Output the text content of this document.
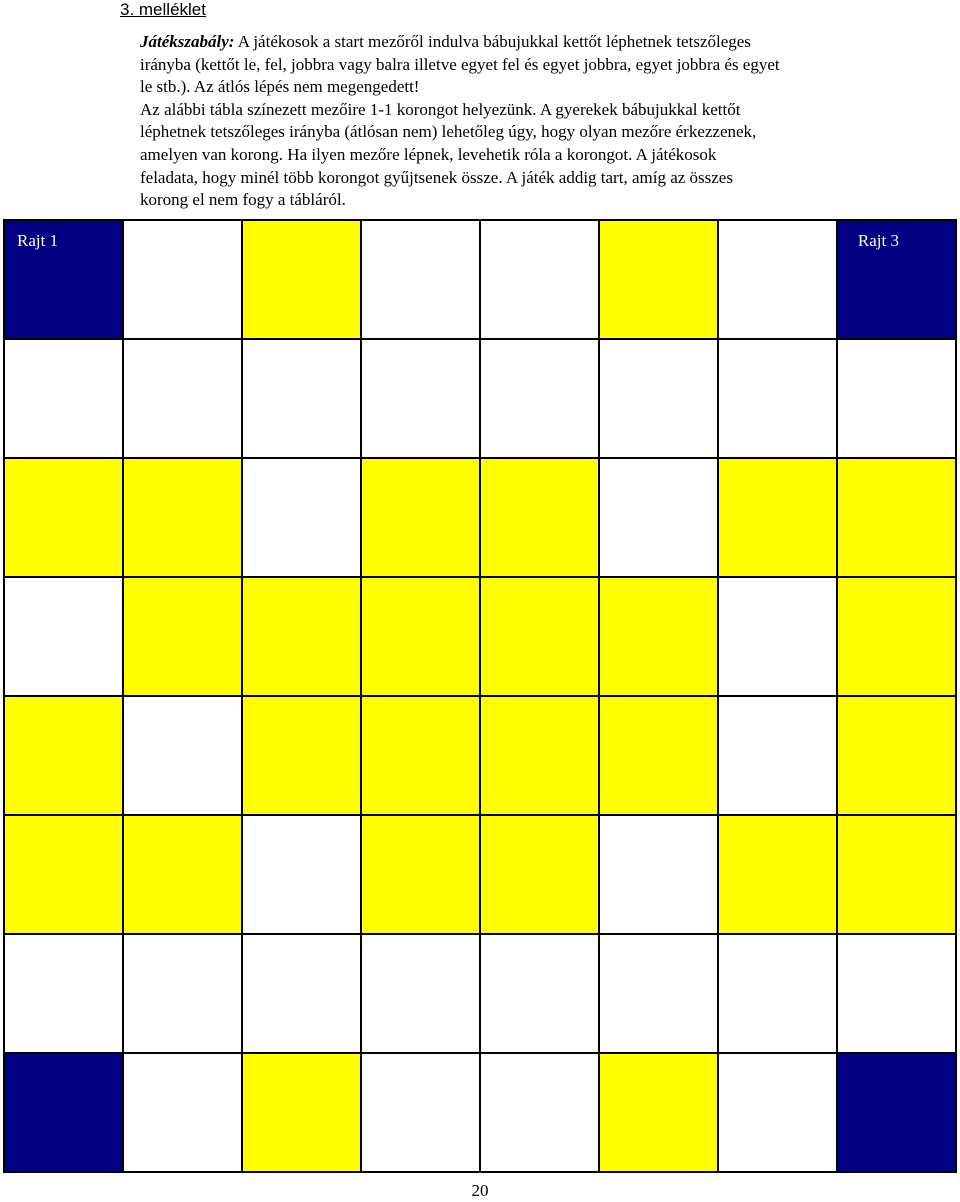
3. melléklet

Játékszabály: A játékosok a start mezőről indulva bábujukkal kettőt léphetnek tetszőleges

irányba (kettőt le, fel, jobbra vagy balra illetve egyet fel és egyet jobbra, egyet jobbra és egyet

le stb.). Az átlós lépés nem megengedett!

Az alábbi tábla színezett mezőire 1-1 korongot helyezünk. A gyerekek bábujukkal kettőt

léphetnek tetszőleges irányba (átlósan nem) lehetőleg úgy, hogy olyan mezőre érkezzenek,

amelyen van korong. Ha ilyen mezőre lépnek, levehetik róla a korongot. A játékosok

feladata, hogy minél több korongot gyűjtsenek össze. A játék addig tart, amíg az összes

korong el nem fogy a tábláról.

Rajt 1	Rajt 3
20
